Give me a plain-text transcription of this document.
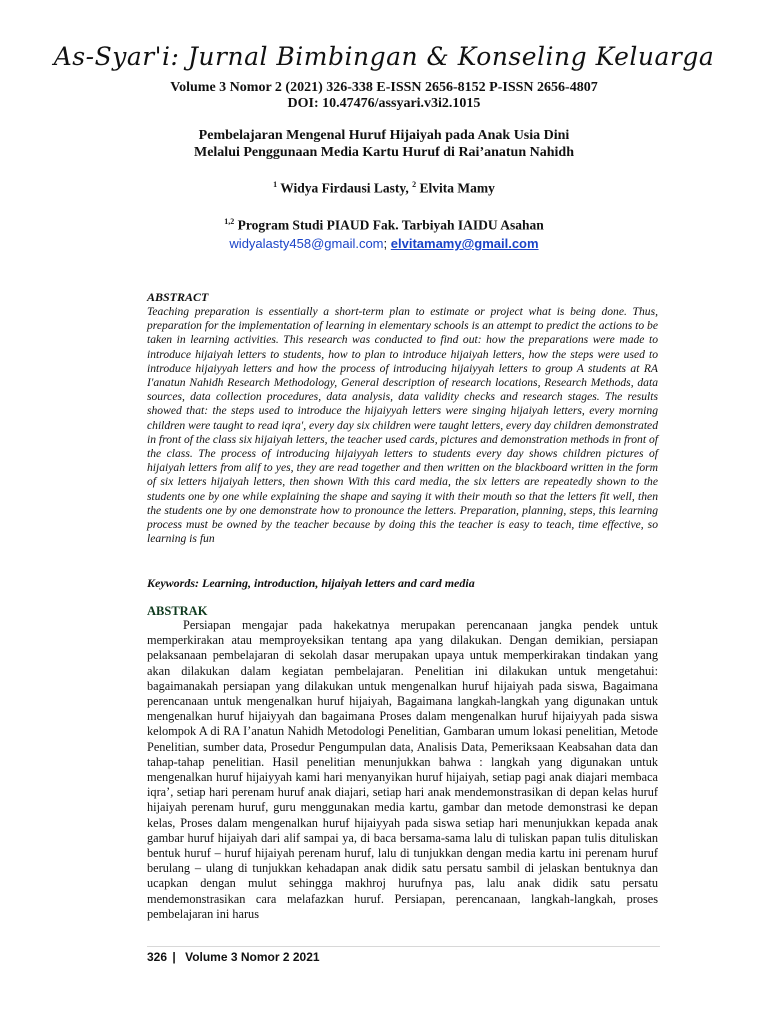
As-Syar'i: Jurnal Bimbingan & Konseling Keluarga
Volume 3 Nomor 2 (2021) 326-338 E-ISSN 2656-8152 P-ISSN 2656-4807
DOI: 10.47476/assyari.v3i2.1015
Pembelajaran Mengenal Huruf Hijaiyah pada Anak Usia Dini
Melalui Penggunaan Media Kartu Huruf di Rai’anatun Nahidh
$^1$ Widya Firdausi Lasty, $^2$ Elvita Mamy
$^{1,2}$ Program Studi PIAUD Fak. Tarbiyah IAIDU Asahan
widyalasty458@gmail.com; elvitamamy@gmail.com
ABSTRACT

Teaching preparation is essentially a short-term plan to estimate or project what is being done. Thus, preparation for the implementation of learning in elementary schools is an attempt to predict the actions to be taken in learning activities. This research was conducted to find out: how the preparations were made to introduce hijaiyah letters to students, how to plan to introduce hijaiyah letters, how the steps were used to introduce hijaiyyah letters and how the process of introducing hijaiyyah letters to group A students at RA I'anatun Nahidh Research Methodology, General description of research locations, Research Methods, data sources, data collection procedures, data analysis, data validity checks and research stages. The results showed that: the steps used to introduce the hijaiyyah letters were singing hijaiyah letters, every morning children were taught to read iqra', every day six children were taught letters, every day children demonstrated in front of the class six hijaiyah letters, the teacher used cards, pictures and demonstration methods in front of the class. The process of introducing hijaiyyah letters to students every day shows children pictures of hijaiyah letters from alif to yes, they are read together and then written on the blackboard written in the form of six letters hijaiyah letters, then shown With this card media, the six letters are repeatedly shown to the students one by one while explaining the shape and saying it with their mouth so that the letters fit well, then the students one by one demonstrate how to pronounce the letters. Preparation, planning, steps, this learning process must be owned by the teacher because by doing this the teacher is easy to teach, time effective, so learning is fun

Keywords: Learning, introduction, hijaiyah letters and card media
ABSTRAK

Persiapan mengajar pada hakekatnya merupakan perencanaan jangka pendek untuk memperkirakan atau memproyeksikan tentang apa yang dilakukan. Dengan demikian, persiapan pelaksanaan pembelajaran di sekolah dasar merupakan upaya untuk memperkirakan tindakan yang akan dilakukan dalam kegiatan pembelajaran. Penelitian ini dilakukan untuk mengetahui: bagaimanakah persiapan yang dilakukan untuk mengenalkan huruf hijaiyah pada siswa, Bagaimana perencanaan untuk mengenalkan huruf hijaiyah, Bagaimana langkah-langkah yang digunakan untuk mengenalkan huruf hijaiyyah dan bagaimana Proses dalam mengenalkan huruf hijaiyyah pada siswa kelompok A di RA I’anatun Nahidh Metodologi Penelitian, Gambaran umum lokasi penelitian, Metode Penelitian, sumber data, Prosedur Pengumpulan data, Analisis Data, Pemeriksaan Keabsahan data dan tahap-tahap penelitian. Hasil penelitian menunjukkan bahwa : langkah yang digunakan untuk mengenalkan huruf hijaiyyah kami hari menyanyikan huruf hijaiyah, setiap pagi anak diajari membaca iqra’, setiap hari perenam huruf anak diajari, setiap hari anak mendemonstrasikan di depan kelas huruf hijaiyah perenam huruf, guru menggunakan media kartu, gambar dan metode demonstrasi ke depan kelas, Proses dalam mengenalkan huruf hijaiyyah pada siswa setiap hari menunjukkan kepada anak gambar huruf hijaiyah dari alif sampai ya, di baca bersama-sama lalu di tuliskan papan tulis dituliskan bentuk huruf – huruf hijaiyah perenam huruf, lalu di tunjukkan dengan media kartu ini perenam huruf berulang – ulang di tunjukkan kehadapan anak didik satu persatu sambil di jelaskan bentuknya dan ucapkan dengan mulut sehingga makhroj hurufnya pas, lalu anak didik satu persatu mendemonstrasikan cara melafazkan huruf. Persiapan, perencanaan, langkah-langkah, proses pembelajaran ini harus

326 | Volume 3 Nomor 2 2021
